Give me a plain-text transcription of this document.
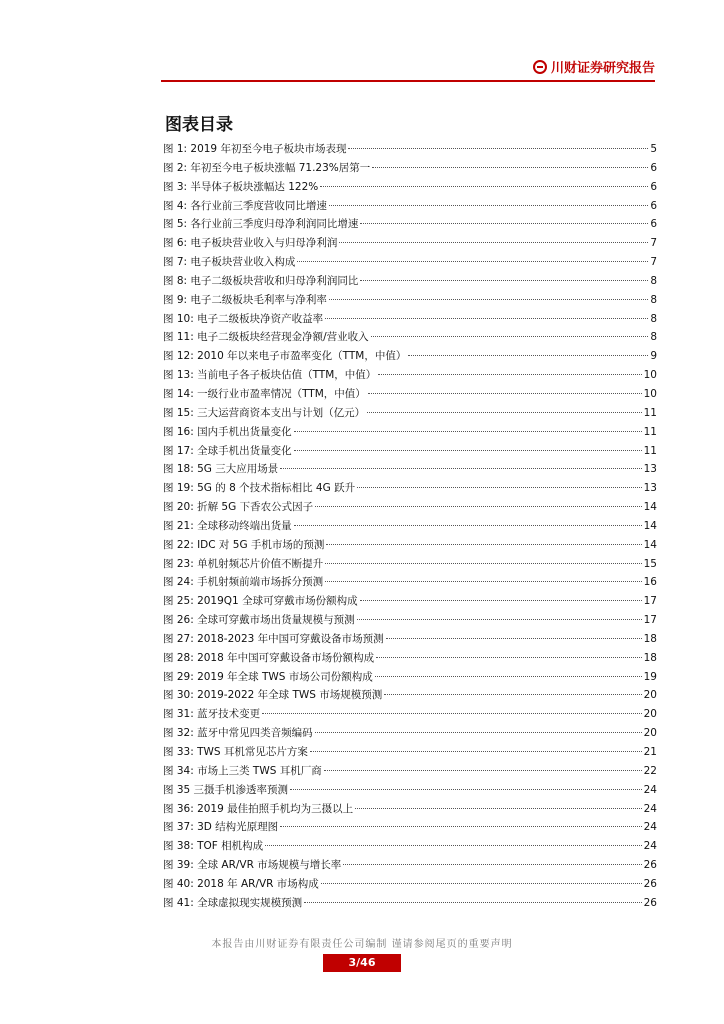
川财证券研究报告
图表目录
图 1: 2019 年初至今电子板块市场表现	5
图 2: 年初至今电子板块涨幅 71.23%居第一	6
图 3: 半导体子板块涨幅达 122%	6
图 4: 各行业前三季度营收同比增速	6
图 5: 各行业前三季度归母净利润同比增速	6
图 6: 电子板块营业收入与归母净利润	7
图 7: 电子板块营业收入构成	7
图 8: 电子二级板块营收和归母净利润同比	8
图 9: 电子二级板块毛利率与净利率	8
图 10: 电子二级板块净资产收益率	8
图 11: 电子二级板块经营现金净额/营业收入	8
图 12: 2010 年以来电子市盈率变化（TTM，中值）	9
图 13: 当前电子各子板块估值（TTM，中值）	10
图 14: 一级行业市盈率情况（TTM，中值）	10
图 15: 三大运营商资本支出与计划（亿元）	11
图 16: 国内手机出货量变化	11
图 17: 全球手机出货量变化	11
图 18: 5G 三大应用场景	13
图 19: 5G 的 8 个技术指标相比 4G 跃升	13
图 20: 折解 5G 下香农公式因子	14
图 21: 全球移动终端出货量	14
图 22: IDC 对 5G 手机市场的预测	14
图 23: 单机射频芯片价值不断提升	15
图 24: 手机射频前端市场拆分预测	16
图 25: 2019Q1 全球可穿戴市场份额构成	17
图 26: 全球可穿戴市场出货量规模与预测	17
图 27: 2018-2023 年中国可穿戴设备市场预测	18
图 28: 2018 年中国可穿戴设备市场份额构成	18
图 29: 2019 年全球 TWS 市场公司份额构成	19
图 30: 2019-2022 年全球 TWS 市场规模预测	20
图 31: 蓝牙技术变更	20
图 32: 蓝牙中常见四类音频编码	20
图 33: TWS 耳机常见芯片方案	21
图 34: 市场上三类 TWS 耳机厂商	22
图 35 三摄手机渗透率预测	24
图 36: 2019 最佳拍照手机均为三摄以上	24
图 37: 3D 结构光原理图	24
图 38: TOF 相机构成	24
图 39: 全球 AR/VR 市场规模与增长率	26
图 40: 2018 年 AR/VR 市场构成	26
图 41: 全球虚拟现实规模预测	26
本报告由川财证券有限责任公司编制 谨请参阅尾页的重要声明
3/46
